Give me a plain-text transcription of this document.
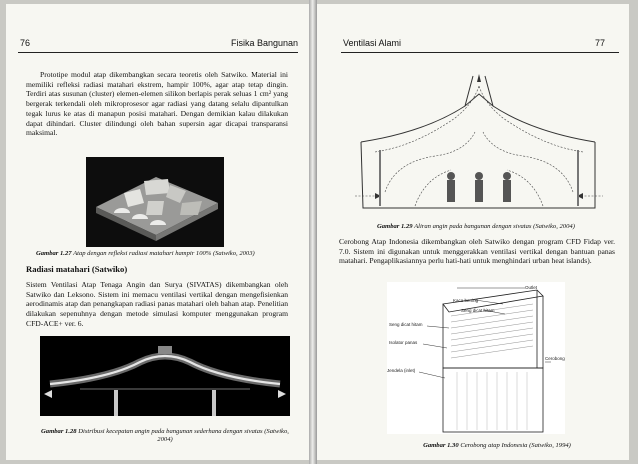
76	Fisika Bangunan
Prototipe modul atap dikembangkan secara teoretis oleh Satwiko. Material ini memiliki refleksi radiasi matahari ekstrem, hampir 100%, agar atap tetap dingin. Terdiri atas susunan (cluster) elemen-elemen silikon berlapis perak seluas 1 cm² yang bergerak terkendali oleh mikroprosesor agar radiasi yang datang selalu dipantulkan tegak lurus ke atas di manapun posisi matahari. Dengan demikian kalau dilakukan dapat dihindari. Cluster dilindungi oleh bahan supersin agar dicapai transparansi maksimal.
Gambar 1.27 Atap dengan refleksi radiasi matahari hampir 100% (Satwiko, 2003)
Radiasi matahari (Satwiko)
Sistem Ventilasi Atap Tenaga Angin dan Surya (SIVATAS) dikembangkan oleh Satwiko dan Leksono. Sistem ini memacu ventilasi vertikal dengan mengefisienkan aerodinamis atap dan penangkapan radiasi panas matahari oleh bahan atap. Penelitian dilakukan sepenuhnya dengan metode simulasi komputer menggunakan program CFD-ACE+ ver. 6.
Gambar 1.28 Distribusi kecepatan angin pada bangunan sederhana dengan sivatas (Satwiko, 2004)
Ventilasi Alami	77
Gambar 1.29 Aliran angin pada bangunan dengan sivatas (Satwiko, 2004)
Cerobong Atap Indonesia dikembangkan oleh Satwiko dengan program CFD Fidap ver. 7.0. Sistem ini digunakan untuk menggerakkan ventilasi vertikal dengan bantuan panas matahari. Pengaplikasiannya perlu hati-hati untuk menghindari urban heat islands).
Outlet
Kaca bening
Seng dicat hitam
Seng dicat hitam
Isolator panas
Jendela (inlet)
Cerobong
Gambar 1.30 Cerobong atap Indonesia (Satwiko, 1994)
